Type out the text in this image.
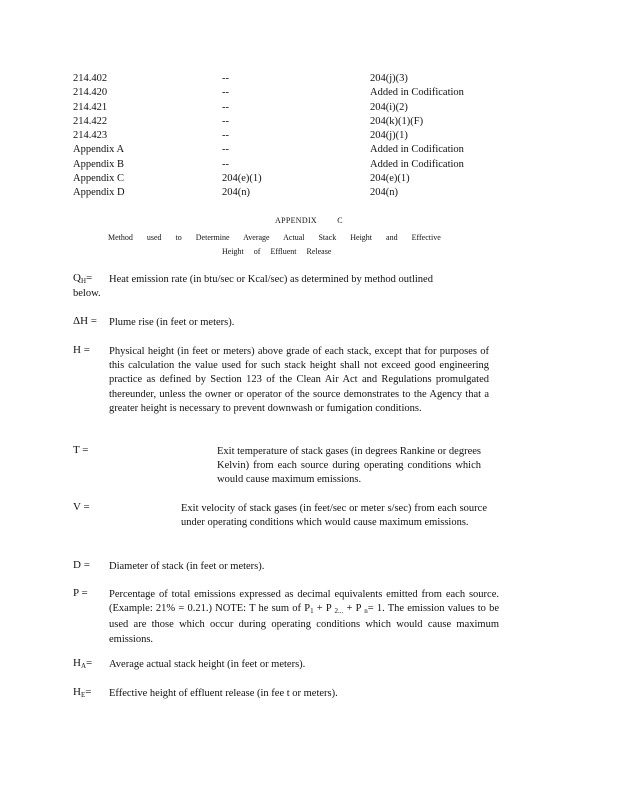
214.402	--	204(j)(3)
214.420	--	Added in Codification
214.421	--	204(i)(2)
214.422	--	204(k)(1)(F)
214.423	--	204(j)(1)
Appendix A	--	Added in Codification
Appendix B	--	Added in Codification
Appendix C	204(e)(1)	204(e)(1)
Appendix D	204(n)	204(n)
APPENDIX C
Method used to Determine Average Actual Stack Height and Effective
Height of Effluent Release
$Q_H=$ Heat emission rate (in btu/sec or Kcal/sec) as determined by method outlined
below.
ΔH = Plume rise (in feet or meters).
H = Physical height (in feet or meters) above grade of each stack, except that for purposes of this calculation the value used for such stack height shall not exceed good engineering practice as defined by Section 123 of the Clean Air Act and Regulations promulgated thereunder, unless the owner or operator of the source demonstrates to the Agency that a greater height is necessary to prevent downwash or fumigation conditions.
T =	Exit temperature of stack gases (in degrees Rankine or degrees Kelvin) from each source during operating conditions which would cause maximum emissions.
V =	Exit velocity of stack gases (in feet/sec or meter s/sec) from each source under operating conditions which would cause maximum emissions.
D = Diameter of stack (in feet or meters).
P = Percentage of total emissions expressed as decimal equivalents emitted from each source. (Example: 21% = 0.21.) NOTE: T he sum of $P_1 + P$ $_{2...}$ + P $_n$= 1. The emission values to be used are those which occur during operating conditions which would cause maximum emissions.
$H_A=$ Average actual stack height (in feet or meters).
$H_E=$ Effective height of effluent release (in fee t or meters).
